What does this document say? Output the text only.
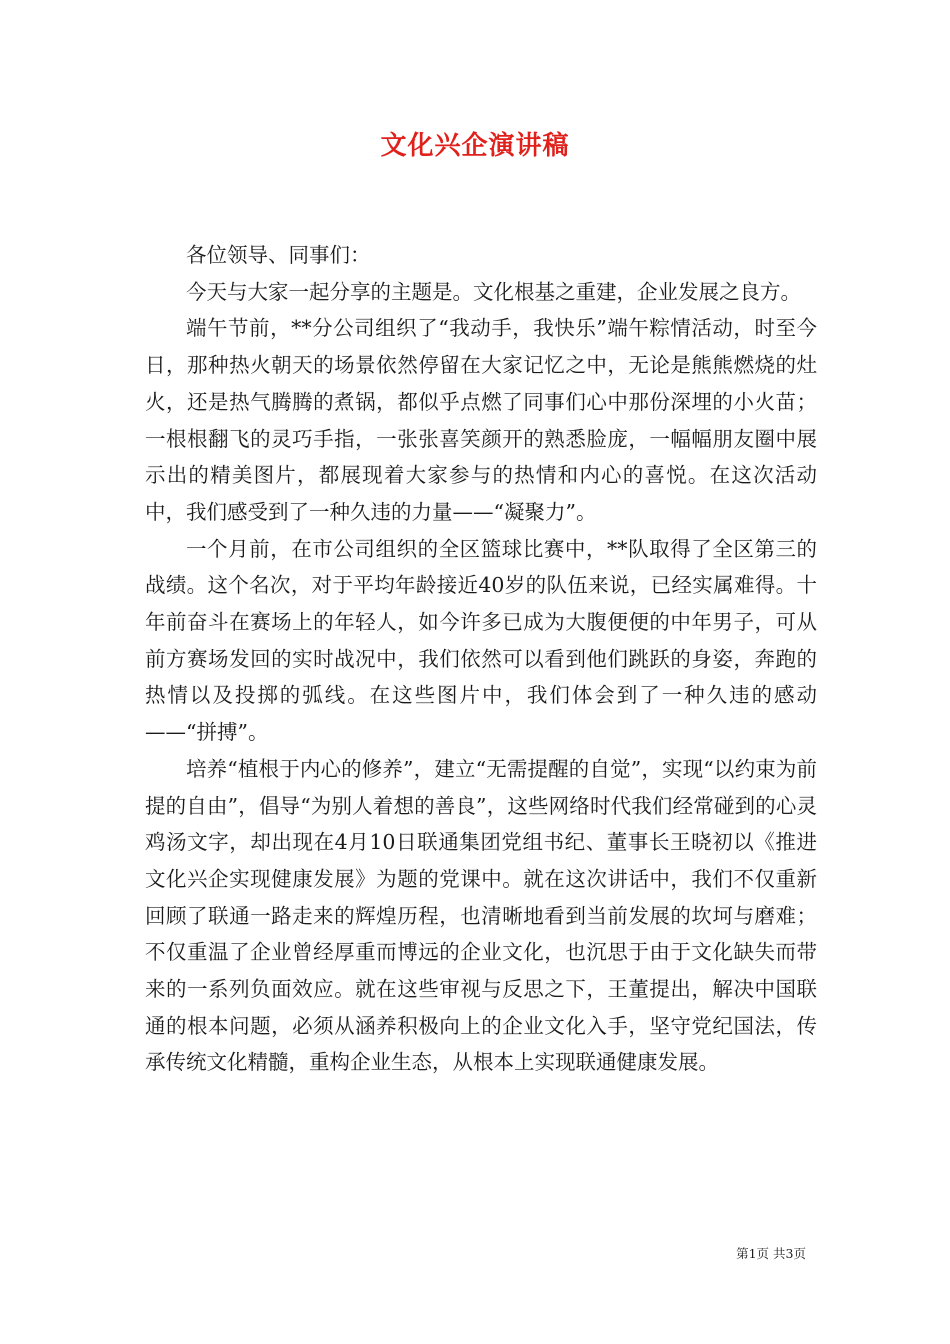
文化兴企演讲稿

各位领导、同事们：

今天与大家一起分享的主题是。文化根基之重建，企业发展之良方。

端午节前，**分公司组织了“我动手，我快乐”端午粽情活动，时至今日，那种热火朝天的场景依然停留在大家记忆之中，无论是熊熊燃烧的灶火，还是热气腾腾的煮锅，都似乎点燃了同事们心中那份深埋的小火苗；一根根翻飞的灵巧手指，一张张喜笑颜开的熟悉脸庞，一幅幅朋友圈中展示出的精美图片，都展现着大家参与的热情和内心的喜悦。在这次活动中，我们感受到了一种久违的力量——“凝聚力”。

一个月前，在市公司组织的全区篮球比赛中，**队取得了全区第三的战绩。这个名次，对于平均年龄接近40岁的队伍来说，已经实属难得。十年前奋斗在赛场上的年轻人，如今许多已成为大腹便便的中年男子，可从前方赛场发回的实时战况中，我们依然可以看到他们跳跃的身姿，奔跑的热情以及投掷的弧线。在这些图片中，我们体会到了一种久违的感动——“拼搏”。

培养“植根于内心的修养”，建立“无需提醒的自觉”，实现“以约束为前提的自由”，倡导“为别人着想的善良”，这些网络时代我们经常碰到的心灵鸡汤文字，却出现在4月10日联通集团党组书纪、董事长王晓初以《推进文化兴企实现健康发展》为题的党课中。就在这次讲话中，我们不仅重新回顾了联通一路走来的辉煌历程，也清晰地看到当前发展的坎坷与磨难；不仅重温了企业曾经厚重而博远的企业文化，也沉思于由于文化缺失而带来的一系列负面效应。就在这些审视与反思之下，王董提出，解决中国联通的根本问题，必须从涵养积极向上的企业文化入手，坚守党纪国法，传承传统文化精髓，重构企业生态，从根本上实现联通健康发展。

第1页 共3页
